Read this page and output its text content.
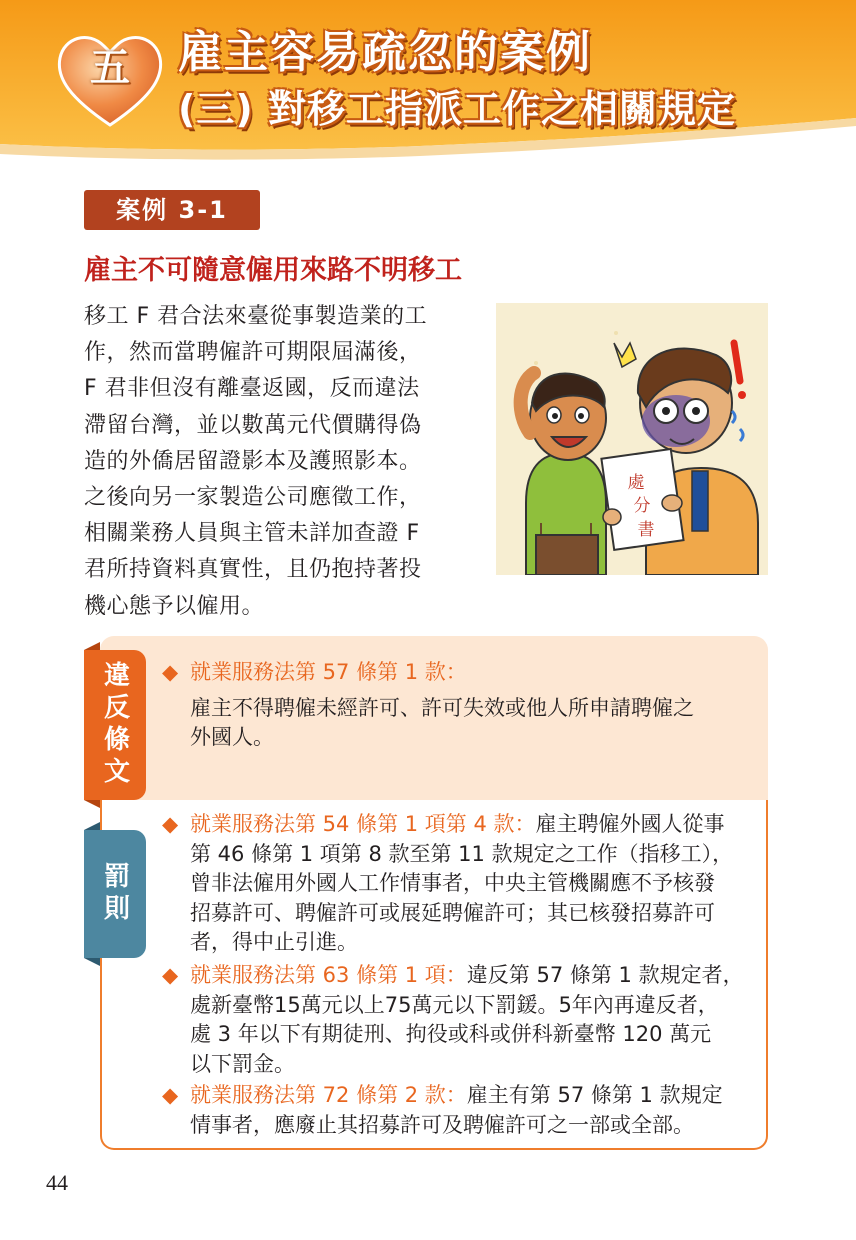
五 雇主容易疏忽的案例
(三) 對移工指派工作之相關規定
案例 3-1
雇主不可隨意僱用來路不明移工
移工 F 君合法來臺從事製造業的工
作，然而當聘僱許可期限屆滿後，
F 君非但沒有離臺返國，反而違法
滯留台灣，並以數萬元代價購得偽
造的外僑居留證影本及護照影本。
之後向另一家製造公司應徵工作，
相關業務人員與主管未詳加查證 F
君所持資料真實性，且仍抱持著投
機心態予以僱用。
處
分
書
違反條文
罰則
◆ 就業服務法第 57 條第 1 款：
雇主不得聘僱未經許可、許可失效或他人所申請聘僱之
外國人。
◆ 就業服務法第 54 條第 1 項第 4 款：雇主聘僱外國人從事
第 46 條第 1 項第 8 款至第 11 款規定之工作（指移工），
曾非法僱用外國人工作情事者，中央主管機關應不予核發
招募許可、聘僱許可或展延聘僱許可；其已核發招募許可
者，得中止引進。
◆ 就業服務法第 63 條第 1 項：違反第 57 條第 1 款規定者，
處新臺幣15萬元以上75萬元以下罰鍰。5年內再違反者，
處 3 年以下有期徒刑、拘役或科或併科新臺幣 120 萬元
以下罰金。
◆ 就業服務法第 72 條第 2 款：雇主有第 57 條第 1 款規定
情事者，應廢止其招募許可及聘僱許可之一部或全部。
44
